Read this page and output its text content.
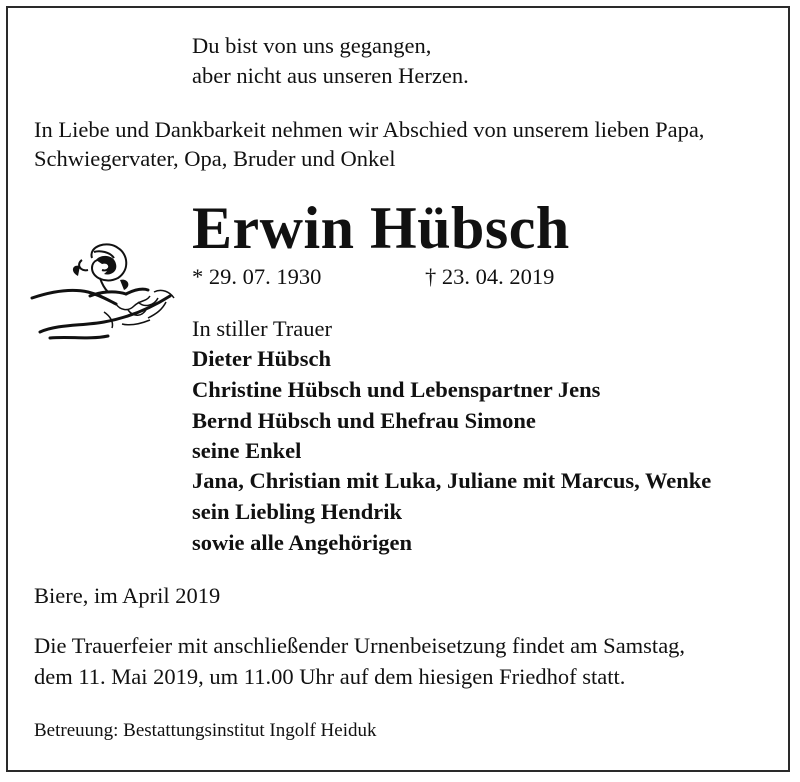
Du bist von uns gegangen,
aber nicht aus unseren Herzen.
In Liebe und Dankbarkeit nehmen wir Abschied von unserem lieben Papa,
Schwiegervater, Opa, Bruder und Onkel
Erwin Hübsch
* 29. 07. 1930	† 23. 04. 2019
In stiller Trauer
Dieter Hübsch
Christine Hübsch und Lebenspartner Jens
Bernd Hübsch und Ehefrau Simone
seine Enkel
Jana, Christian mit Luka, Juliane mit Marcus, Wenke
sein Liebling Hendrik
sowie alle Angehörigen
Biere, im April 2019
Die Trauerfeier mit anschließender Urnenbeisetzung findet am Samstag,
dem 11. Mai 2019, um 11.00 Uhr auf dem hiesigen Friedhof statt.
Betreuung: Bestattungsinstitut Ingolf Heiduk
